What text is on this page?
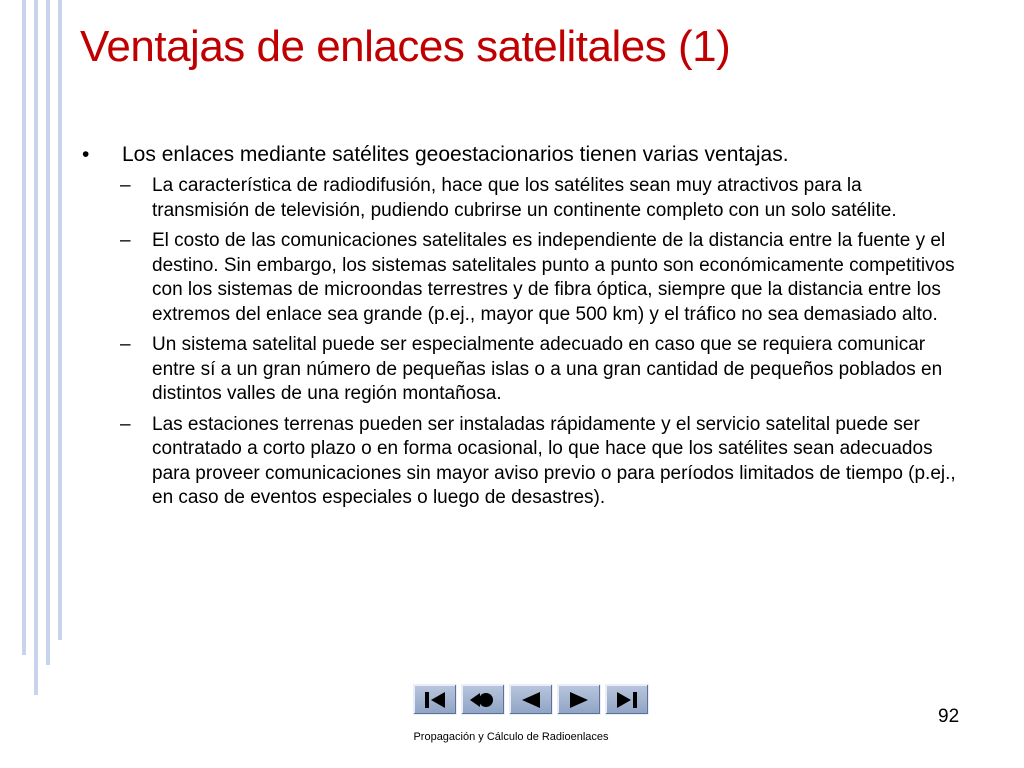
Ventajas de enlaces satelitales (1)

• Los enlaces mediante satélites geoestacionarios tienen varias ventajas.

– La característica de radiodifusión, hace que los satélites sean muy atractivos para la transmisión de televisión, pudiendo cubrirse un continente completo con un solo satélite.

– El costo de las comunicaciones satelitales es independiente de la distancia entre la fuente y el destino. Sin embargo, los sistemas satelitales punto a punto son económicamente competitivos con los sistemas de microondas terrestres y de fibra óptica, siempre que la distancia entre los extremos del enlace sea grande (p.ej., mayor que 500 km) y el tráfico no sea demasiado alto.

– Un sistema satelital puede ser especialmente adecuado en caso que se requiera comunicar entre sí a un gran número de pequeñas islas o a una gran cantidad de pequeños poblados en distintos valles de una región montañosa.

– Las estaciones terrenas pueden ser instaladas rápidamente y el servicio satelital puede ser contratado a corto plazo o en forma ocasional, lo que hace que los satélites sean adecuados para proveer comunicaciones sin mayor aviso previo o para períodos limitados de tiempo (p.ej., en caso de eventos especiales o luego de desastres).

92
Propagación y Cálculo de Radioenlaces
